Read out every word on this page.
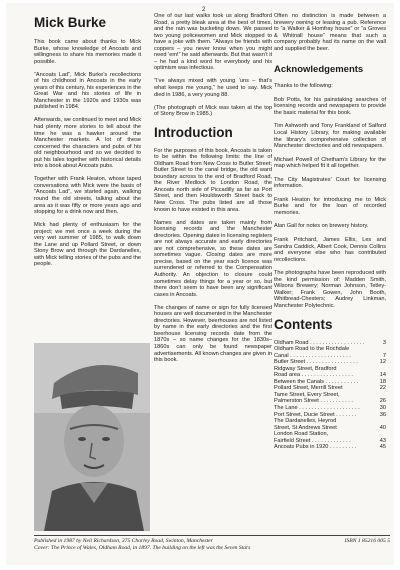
2
Mick Burke

This book came about thanks to Mick Burke, whose knowledge of Ancoats and willingness to share his memories made it possible.

“Ancoats Lad”, Mick Burke’s recollections of his childhood in Ancoats in the early years of this century, his experiences in the Great War and his stories of life in Manchester in the 1920s and 1930s was published in 1984.

Afterwards, we continued to meet and Mick had plenty more stories to tell about the time he was a hawker around the Manchester markets. A lot of these concerned the characters and pubs of his old neighbourhood and so we decided to put his tales together with historical details into a book about Ancoats pubs.

Together with Frank Heaton, whose taped conversations with Mick were the basis of “Ancoats Lad”, we started again, walking round the old streets, talking about the area as it was fifty or more years ago and stopping for a drink now and then.

Mick had plenty of enthusiasm for the project; we met once a week during the very wet summer of 1985, to walk down the Lane and up Pollard Street, or down Stony Brow and through the Dardanelles, with Mick telling stories of the pubs and the people.

One of our last walks took us along Bradford Road, a pretty bleak area at the best of times, and the rain was bucketing down. We passed two young policewomen and Mick stopped to have a joke with them. “Always be friends with coppers – you never know when you might need ’em!” he said afterwards. But that wasn’t it – he had a kind word for everybody and his optimism was infectious.

“I’ve always mixed with young ‘uns – that’s what keeps me young,” he used to say. Mick died in 1986, a very young 88.

(The photograph of Mick was taken at the top of Stony Brow in 1985.)

Introduction

For the purposes of this book, Ancoats is taken to be within the following limits: the line of Oldham Road from New Cross to Butler Street; Butler Street to the canal bridge, the old ward boundary across to the end of Bradford Road, the River Medlock to London Road, the Ancoats north side of Piccadilly as far as Port Street, and then Houldsworth Street back to New Cross. The pubs listed are all those known to have existed in this area.

Names and dates are taken mainly from licensing records and the Manchester directories. Opening dates in licensing registers are not always accurate and early directories are not comprehensive, so these dates are sometimes vague. Closing dates are more precise, based on the year each licence was surrendered or referred to the Compensation Authority. An objection to closure could sometimes delay things for a year or so, but there don’t seem to have been any significant cases in Ancoats.

The changes of name or sign for fully licensed houses are well documented in the Manchester directories. However, beerhouses are not listed by name in the early directories and the first beerhouse licensing records date from the 1870s – so name changes for the 1830s–1860s can only be found newspaper advertisements. All known changes are given in this book.

Often no distinction is made between a brewery owning or leasing a pub. Reference to “a Walker & Homfray house” or “a Groves & Whitnall house” means that such a company probably had its name on the wall and supplied the beer.

Acknowledgements

Thanks to the following:

Bob Potts, for his painstaking searches of licensing records and newspapers to provide the basic material for this book.

Tim Ashworth and Tony Frankland of Salford Local History Library, for making available the library’s comprehensive collection of Manchester directories and old newspapers.

Michael Powell of Chetham’s Library for the map which helped fit it all together.

The City Magistrates’ Court for licensing information.

Frank Heaton for introducing me to Mick Burke and for the loan of recorded memories.

Alan Gall for notes on brewery history.

Frank Pritchard, James Ellis, Les and Sandra Caddick, Albert Cook, Dennis Collins and everyone else who has contributed recollections.

The photographs have been reproduced with the kind permission of: Madden Smith, Wilsons Brewery; Norman Johnson, Tetley-Walker; Frank Gowen, John Booth, Whitbread-Chesters; Audrey Linkman, Manchester Polytechnic.

Contents
Oldham Road . . . . . . . . . . . . . . . . . .	3
Oldham Road to the Rochdale
Canal . . . . . . . . . . . . . . . . . . . .	7
Butler Street . . . . . . . . . . . . . . . . .	12
Ridgway Street, Bradford
Road area . . . . . . . . . . . . . . . . .	14
Between the Canals . . . . . . . . . . .	18
Pollard Street, Merrill Street	22
Tame Street, Every Street,
Palmerston Street . . . . . . . . . . .	26
The Lane . . . . . . . . . . . . . . . . . . . .	30
Port Street, Ducie Street . . . . . . .	36
The Dardanelles, Heyrod
Street, St Andrews Street	40
London Road Station,
Fairfield Street . . . . . . . . . . . . .	43
Ancoats Pubs in 1920 . . . . . . . . .	45
Published in 1987 by Neil Richardson, 375 Chorley Road, Swinton, Manchester	ISBN 1 85216 005 5
Cover: The Prince of Wales, Oldham Road, in 1897. The building on the left was the Seven Stars
